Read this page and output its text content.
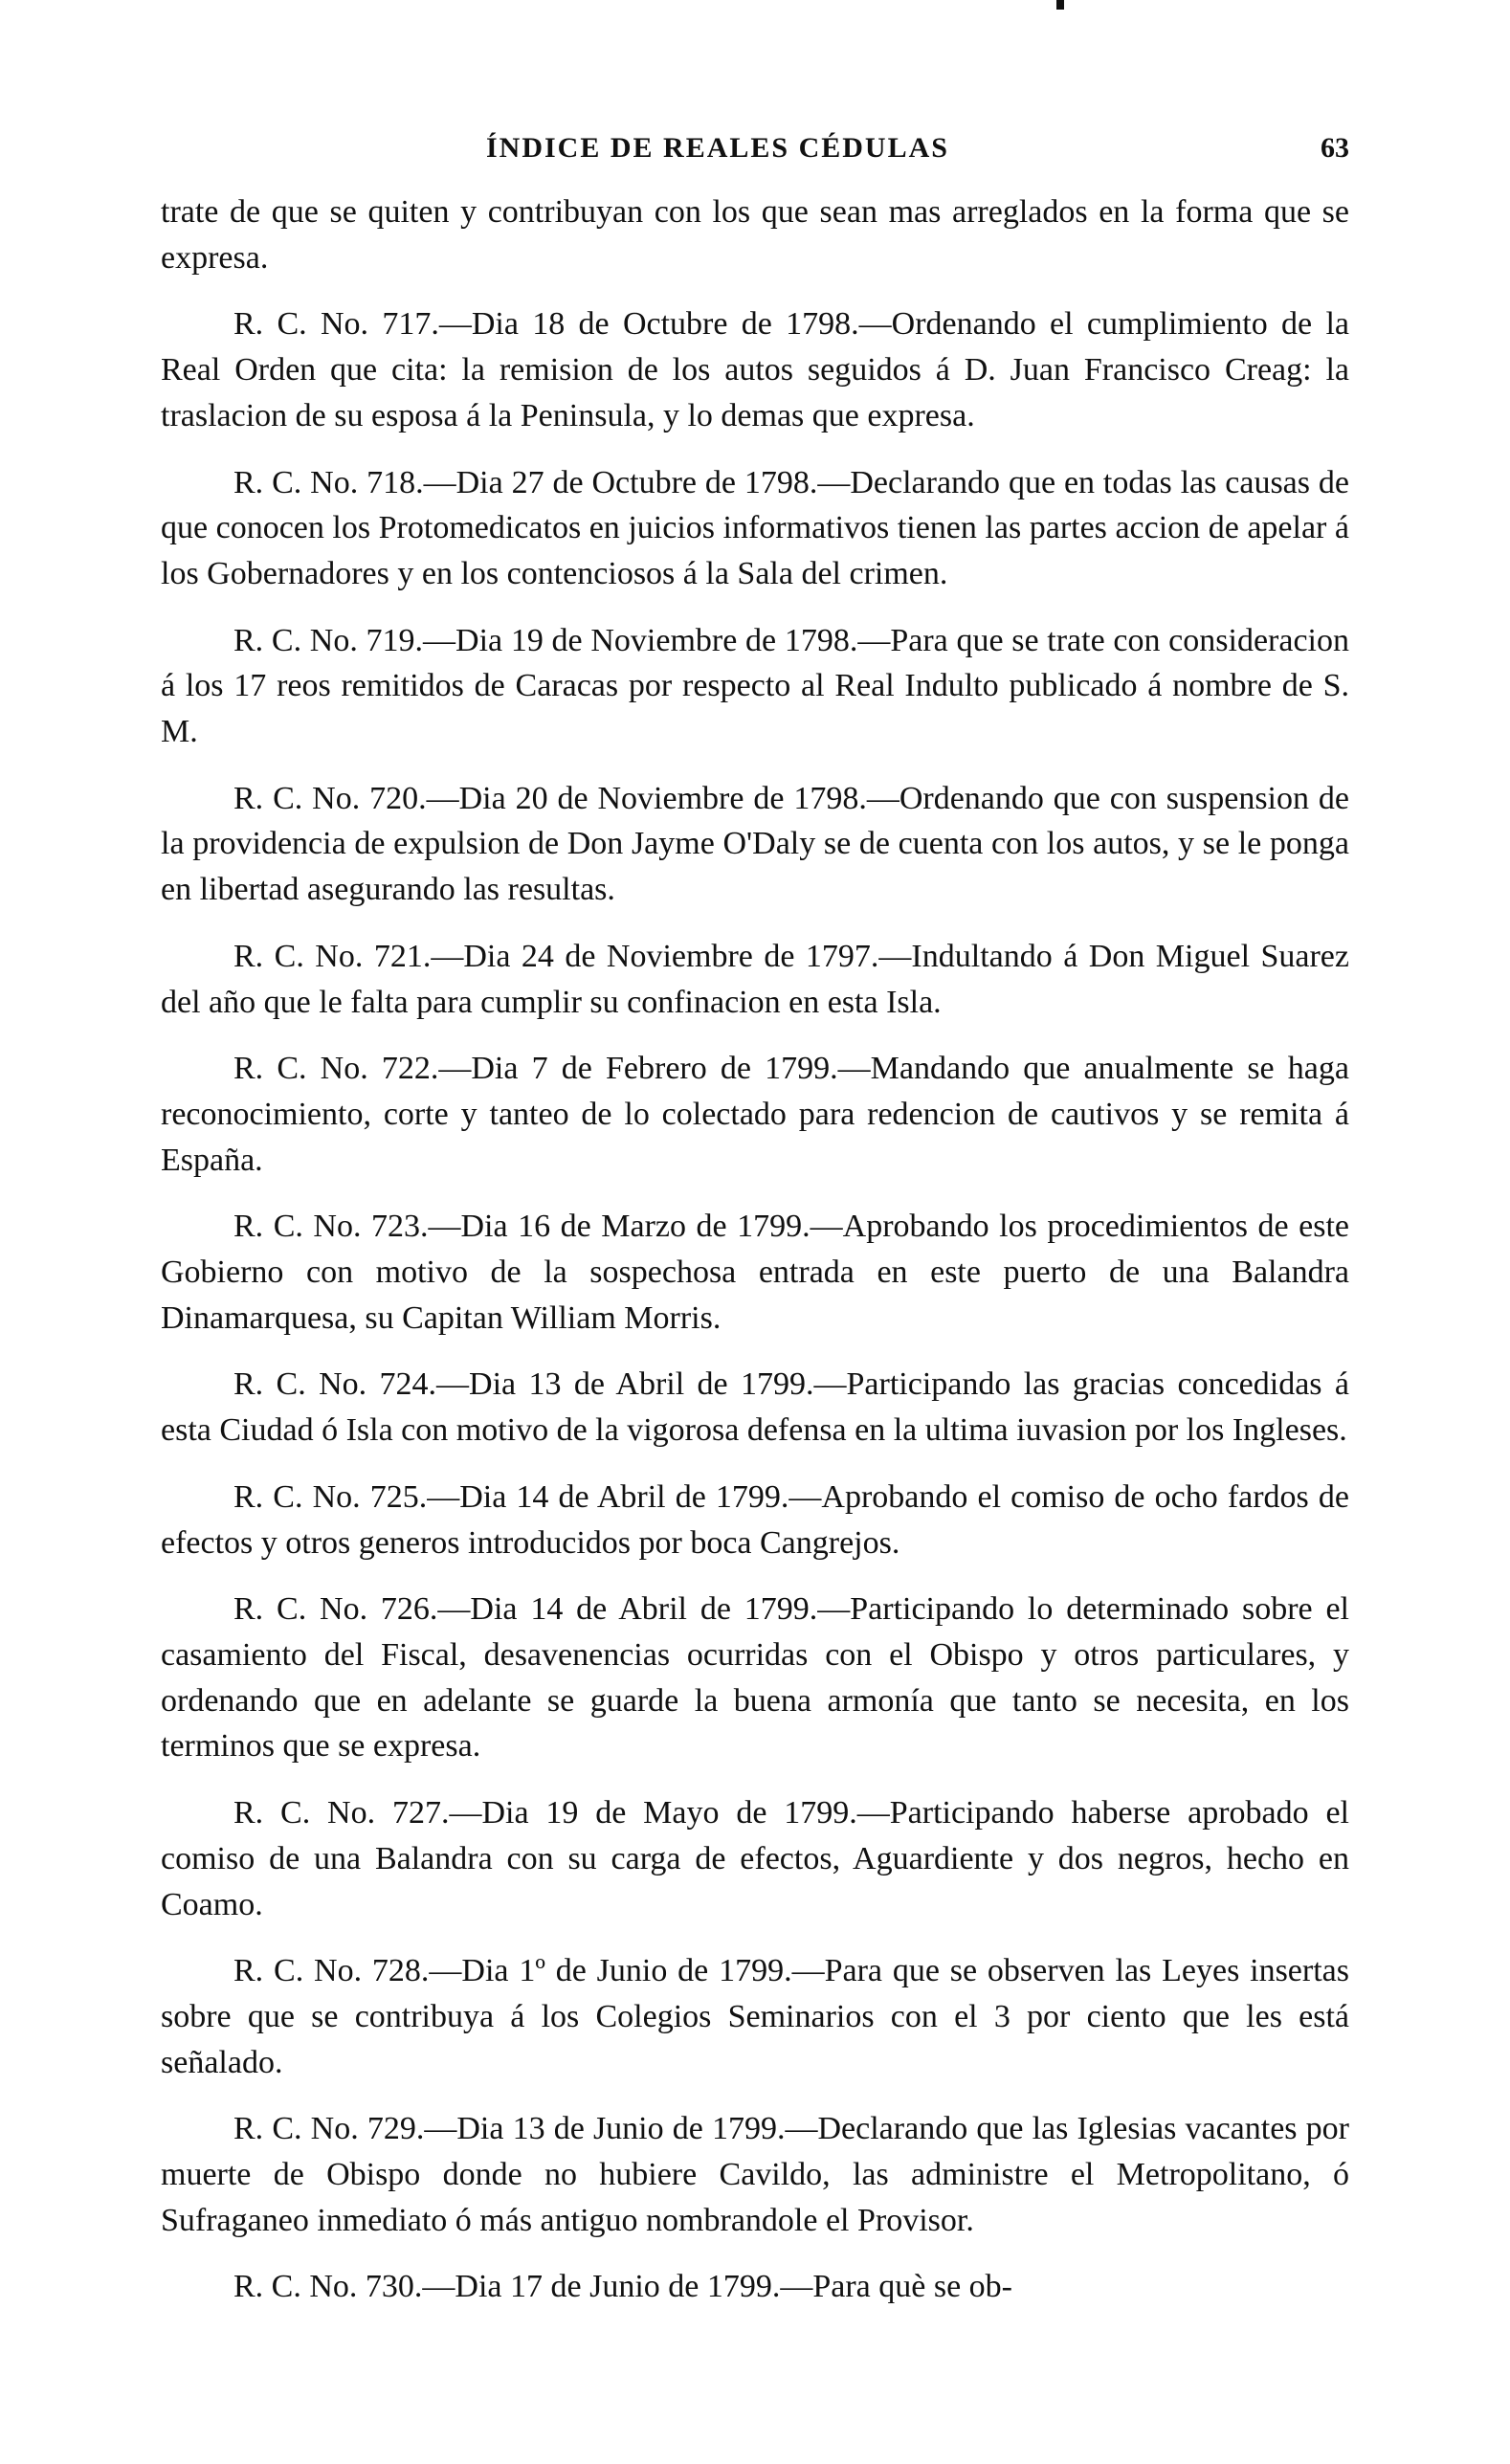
ÍNDICE DE REALES CÉDULAS	63

trate de que se quiten y contribuyan con los que sean mas arreglados en la forma que se expresa.

R. C. No. 717.—Dia 18 de Octubre de 1798.—Ordenando el cumplimiento de la Real Orden que cita: la remision de los autos seguidos á D. Juan Francisco Creag: la traslacion de su esposa á la Peninsula, y lo demas que expresa.

R. C. No. 718.—Dia 27 de Octubre de 1798.—Declarando que en todas las causas de que conocen los Protomedicatos en juicios informativos tienen las partes accion de apelar á los Gobernadores y en los contenciosos á la Sala del crimen.

R. C. No. 719.—Dia 19 de Noviembre de 1798.—Para que se trate con consideracion á los 17 reos remitidos de Caracas por respecto al Real Indulto publicado á nombre de S. M.

R. C. No. 720.—Dia 20 de Noviembre de 1798.—Ordenando que con suspension de la providencia de expulsion de Don Jayme O'Daly se de cuenta con los autos, y se le ponga en libertad asegurando las resultas.

R. C. No. 721.—Dia 24 de Noviembre de 1797.—Indultando á Don Miguel Suarez del año que le falta para cumplir su confinacion en esta Isla.

R. C. No. 722.—Dia 7 de Febrero de 1799.—Mandando que anualmente se haga reconocimiento, corte y tanteo de lo colectado para redencion de cautivos y se remita á España.

R. C. No. 723.—Dia 16 de Marzo de 1799.—Aprobando los procedimientos de este Gobierno con motivo de la sospechosa entrada en este puerto de una Balandra Dinamarquesa, su Capitan William Morris.

R. C. No. 724.—Dia 13 de Abril de 1799.—Participando las gracias concedidas á esta Ciudad ó Isla con motivo de la vigorosa defensa en la ultima iuvasion por los Ingleses.

R. C. No. 725.—Dia 14 de Abril de 1799.—Aprobando el comiso de ocho fardos de efectos y otros generos introducidos por boca Cangrejos.

R. C. No. 726.—Dia 14 de Abril de 1799.—Participando lo determinado sobre el casamiento del Fiscal, desavenencias ocurridas con el Obispo y otros particulares, y ordenando que en adelante se guarde la buena armonía que tanto se necesita, en los terminos que se expresa.

R. C. No. 727.—Dia 19 de Mayo de 1799.—Participando haberse aprobado el comiso de una Balandra con su carga de efectos, Aguardiente y dos negros, hecho en Coamo.

R. C. No. 728.—Dia 1º de Junio de 1799.—Para que se observen las Leyes insertas sobre que se contribuya á los Colegios Seminarios con el 3 por ciento que les está señalado.

R. C. No. 729.—Dia 13 de Junio de 1799.—Declarando que las Iglesias vacantes por muerte de Obispo donde no hubiere Cavildo, las administre el Metropolitano, ó Sufraganeo inmediato ó más antiguo nombrandole el Provisor.

R. C. No. 730.—Dia 17 de Junio de 1799.—Para què se ob-
